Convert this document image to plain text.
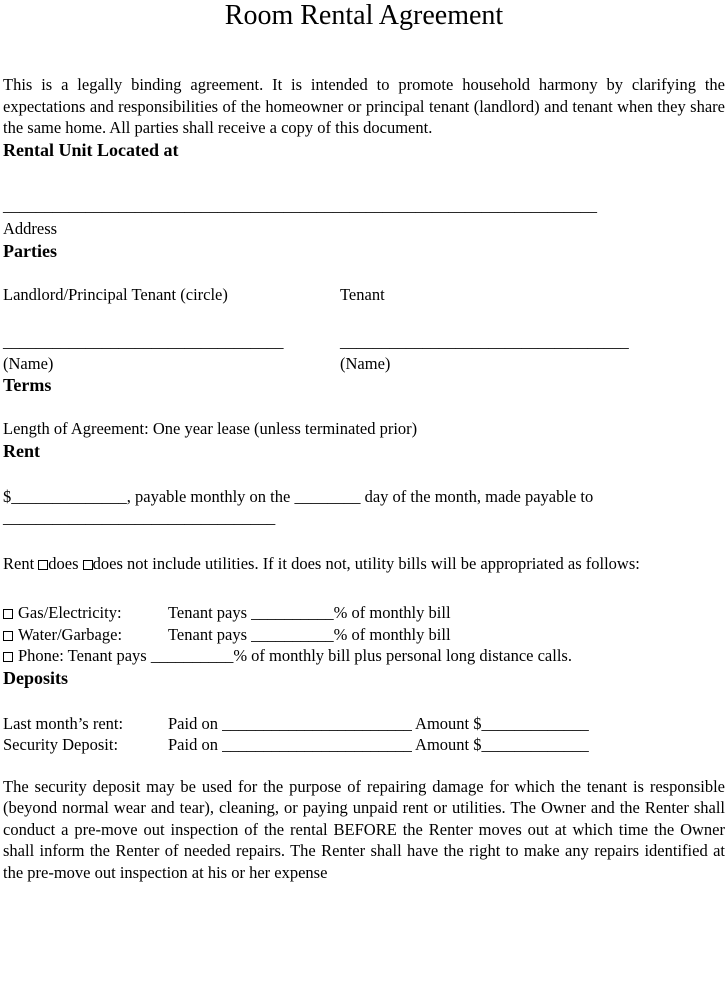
Room Rental Agreement

This is a legally binding agreement. It is intended to promote household harmony by clarifying the expectations and responsibilities of the homeowner or principal tenant (landlord) and tenant when they share the same home. All parties shall receive a copy of this document.

Rental Unit Located at
________________________________________________________________________
Address
Parties
Landlord/Principal Tenant (circle)	Tenant
__________________________________	___________________________________
(Name)	(Name)
Terms

Length of Agreement: One year lease (unless terminated prior)

Rent

$______________, payable monthly on the ________ day of the month, made payable to

_________________________________

Rent does does not include utilities. If it does not, utility bills will be appropriated as follows:

Gas/Electricity:	Tenant pays __________% of monthly bill
Water/Garbage:	Tenant pays __________% of monthly bill
Phone: Tenant pays __________% of monthly bill plus personal long distance calls.
Deposits
Last month’s rent:	Paid on _______________________ Amount $_____________
Security Deposit:	Paid on _______________________ Amount $_____________

The security deposit may be used for the purpose of repairing damage for which the tenant is responsible (beyond normal wear and tear), cleaning, or paying unpaid rent or utilities. The Owner and the Renter shall conduct a pre-move out inspection of the rental BEFORE the Renter moves out at which time the Owner shall inform the Renter of needed repairs. The Renter shall have the right to make any repairs identified at the pre-move out inspection at his or her expense
